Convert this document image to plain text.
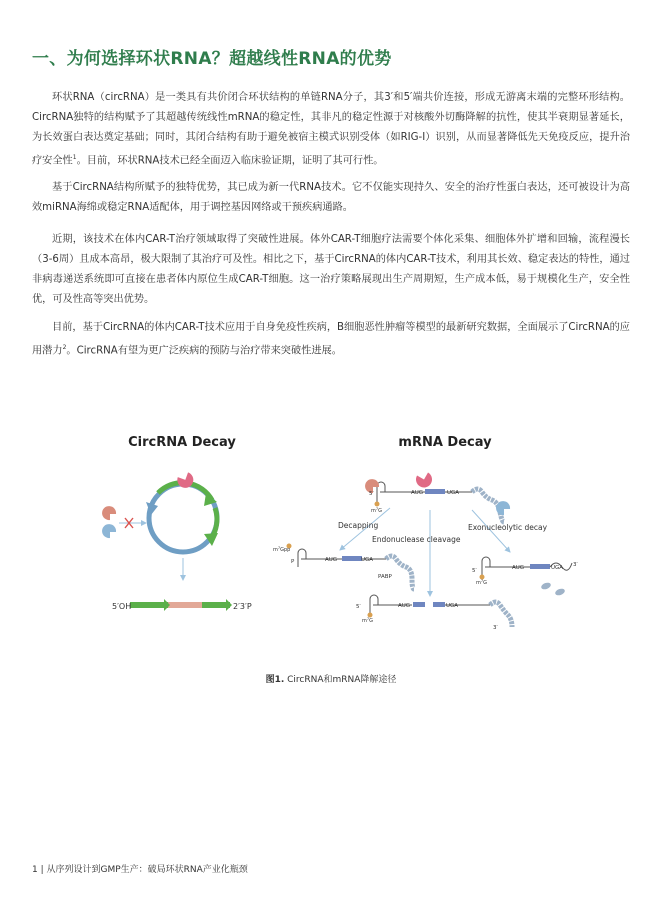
一、为何选择环状RNA？超越线性RNA的优势

环状RNA（circRNA）是一类具有共价闭合环状结构的单链RNA分子，其3′和5′端共价连接，形成无游离末端的完整环形结构。CircRNA独特的结构赋予了其超越传统线性mRNA的稳定性，其非凡的稳定性源于对核酸外切酶降解的抗性，使其半衰期显著延长，为长效蛋白表达奠定基础；同时，其闭合结构有助于避免被宿主模式识别受体（如RIG-I）识别，从而显著降低先天免疫反应，提升治疗安全性$^1$。目前，环状RNA技术已经全面迈入临床验证期，证明了其可行性。

基于CircRNA结构所赋予的独特优势，其已成为新一代RNA技术。它不仅能实现持久、安全的治疗性蛋白表达，还可被设计为高效miRNA海绵或稳定RNA适配体，用于调控基因网络或干预疾病通路。

近期，该技术在体内CAR-T治疗领域取得了突破性进展。体外CAR-T细胞疗法需要个体化采集、细胞体外扩增和回输，流程漫长（3-6周）且成本高昂，极大限制了其治疗可及性。相比之下，基于CircRNA的体内CAR-T技术，利用其长效、稳定表达的特性，通过非病毒递送系统即可直接在患者体内原位生成CAR-T细胞。这一治疗策略展现出生产周期短，生产成本低，易于规模化生产，安全性优，可及性高等突出优势。

目前，基于CircRNA的体内CAR-T技术应用于自身免疫性疾病，B细胞恶性肿瘤等模型的最新研究数据，全面展示了CircRNA的应用潜力$^2$。CircRNA有望为更广泛疾病的预防与治疗带来突破性进展。

CircRNA Decay
5′OH	2′3′P
mRNA Decay
5′
$m^7G$
AUG	UGA
Decapping
Endonuclease cleavage
Exonucleolytic decay
$m^7Gpp$
P	AUG	UGA
PABP
5′
$m^7G$
AUG	UGA 3′
5′
$m^7G$
AUG	UGA
3′

图1. CircRNA和mRNA降解途径

1 | 从序列设计到GMP生产：破局环状RNA产业化瓶颈
